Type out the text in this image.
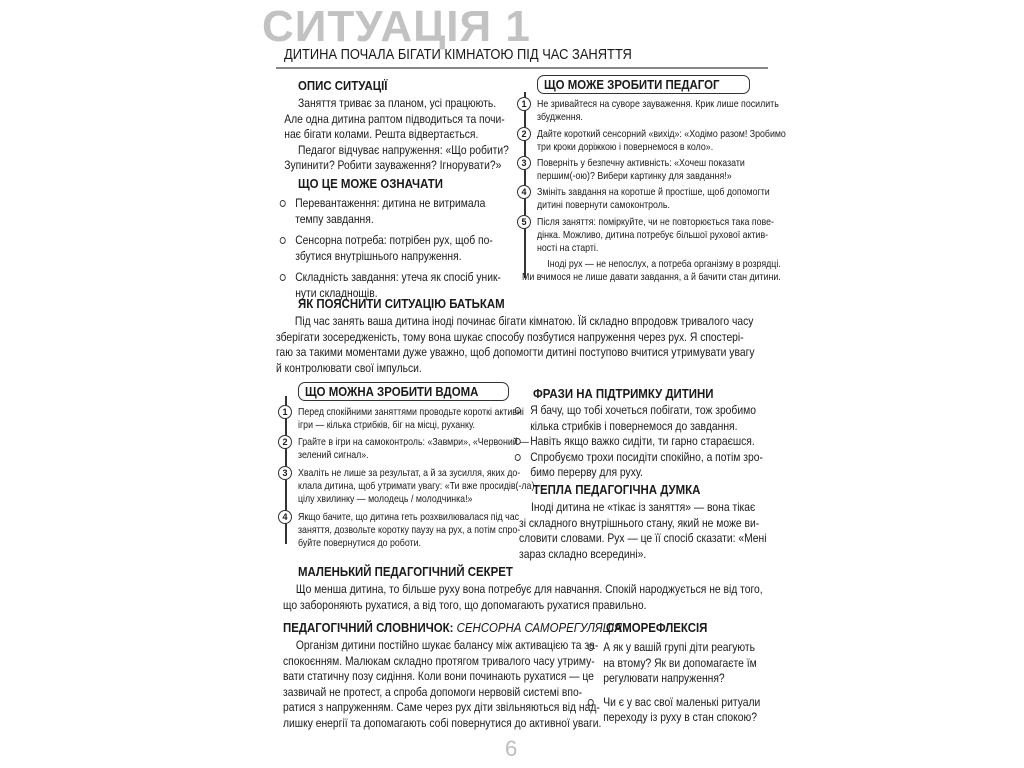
СИТУАЦІЯ 1
ДИТИНА ПОЧАЛА БІГАТИ КІМНАТОЮ ПІД ЧАС ЗАНЯТТЯ
ОПИС СИТУАЦІЇ
Заняття триває за планом, усі працюють.
Але одна дитина раптом підводиться та почи-
нає бігати колами. Решта відвертається.
Педагог відчуває напруження: «Що робити?
Зупинити? Робити зауваження? Ігнорувати?»
ЩО ЦЕ МОЖЕ ОЗНАЧАТИ
Перевантаження: дитина не витримала
темпу завдання.
Сенсорна потреба: потрібен рух, щоб по-
збутися внутрішнього напруження.
Складність завдання: утеча як спосіб уник-
нути складнощів.
ЩО МОЖЕ ЗРОБИТИ ПЕДАГОГ
1	Не зривайтеся на суворе зауваження. Крик лише посилить
збудження.
2	Дайте короткий сенсорний «вихід»: «Ходімо разом! Зробимо
три кроки доріжкою і повернемося в коло».
3	Поверніть у безпечну активність: «Хочеш показати
першим(-ою)? Вибери картинку для завдання!»
4	Змініть завдання на коротше й простіше, щоб допомогти
дитині повернути самоконтроль.
5	Після заняття: поміркуйте, чи не повторюється така пове-
дінка. Можливо, дитина потребує більшої рухової актив-
ності на старті.
Іноді рух — не непослух, а потреба організму в розрядці.
Ми вчимося не лише давати завдання, а й бачити стан дитини.
ЯК ПОЯСНИТИ СИТУАЦІЮ БАТЬКАМ
Під час занять ваша дитина іноді починає бігати кімнатою. Їй складно впродовж тривалого часу
зберігати зосередженість, тому вона шукає способу позбутися напруження через рух. Я спостері-
гаю за такими моментами дуже уважно, щоб допомогти дитині поступово вчитися утримувати увагу
й контролювати свої імпульси.
ЩО МОЖНА ЗРОБИТИ ВДОМА
1	Перед спокійними заняттями проводьте короткі активні
ігри — кілька стрибків, біг на місці, руханку.
2	Грайте в ігри на самоконтроль: «Завмри», «Червоний —
зелений сигнал».
3	Хваліть не лише за результат, а й за зусилля, яких до-
клала дитина, щоб утримати увагу: «Ти вже просидів(-ла)
цілу хвилинку — молодець / молодчинка!»
4	Якщо бачите, що дитина геть розхвилювалася під час
заняття, дозвольте коротку паузу на рух, а потім спро-
буйте повернутися до роботи.
ФРАЗИ НА ПІДТРИМКУ ДИТИНИ
Я бачу, що тобі хочеться побігати, тож зробимо
кілька стрибків і повернемося до завдання.
Навіть якщо важко сидіти, ти гарно стараєшся.
Спробуємо трохи посидіти спокійно, а потім зро-
бимо перерву для руху.
ТЕПЛА ПЕДАГОГІЧНА ДУМКА
Іноді дитина не «тікає із заняття» — вона тікає
зі складного внутрішнього стану, який не може ви-
словити словами. Рух — це її спосіб сказати: «Мені
зараз складно всередині».
МАЛЕНЬКИЙ ПЕДАГОГІЧНИЙ СЕКРЕТ
Що менша дитина, то більше руху вона потребує для навчання. Спокій народжується не від того,
що забороняють рухатися, а від того, що допомагають рухатися правильно.
ПЕДАГОГІЧНИЙ СЛОВНИЧОК: СЕНСОРНА САМОРЕГУЛЯЦІЯ
Організм дитини постійно шукає балансу між активацією та за-
спокоєнням. Малюкам складно протягом тривалого часу утриму-
вати статичну позу сидіння. Коли вони починають рухатися — це
зазвичай не протест, а спроба допомоги нервовій системі впо-
ратися з напруженням. Саме через рух діти звільняються від над-
лишку енергії та допомагають собі повернутися до активної уваги.
САМОРЕФЛЕКСІЯ
А як у вашій групі діти реагують
на втому? Як ви допомагаєте їм
регулювати напруження?
Чи є у вас свої маленькі ритуали
переходу із руху в стан спокою?
6
